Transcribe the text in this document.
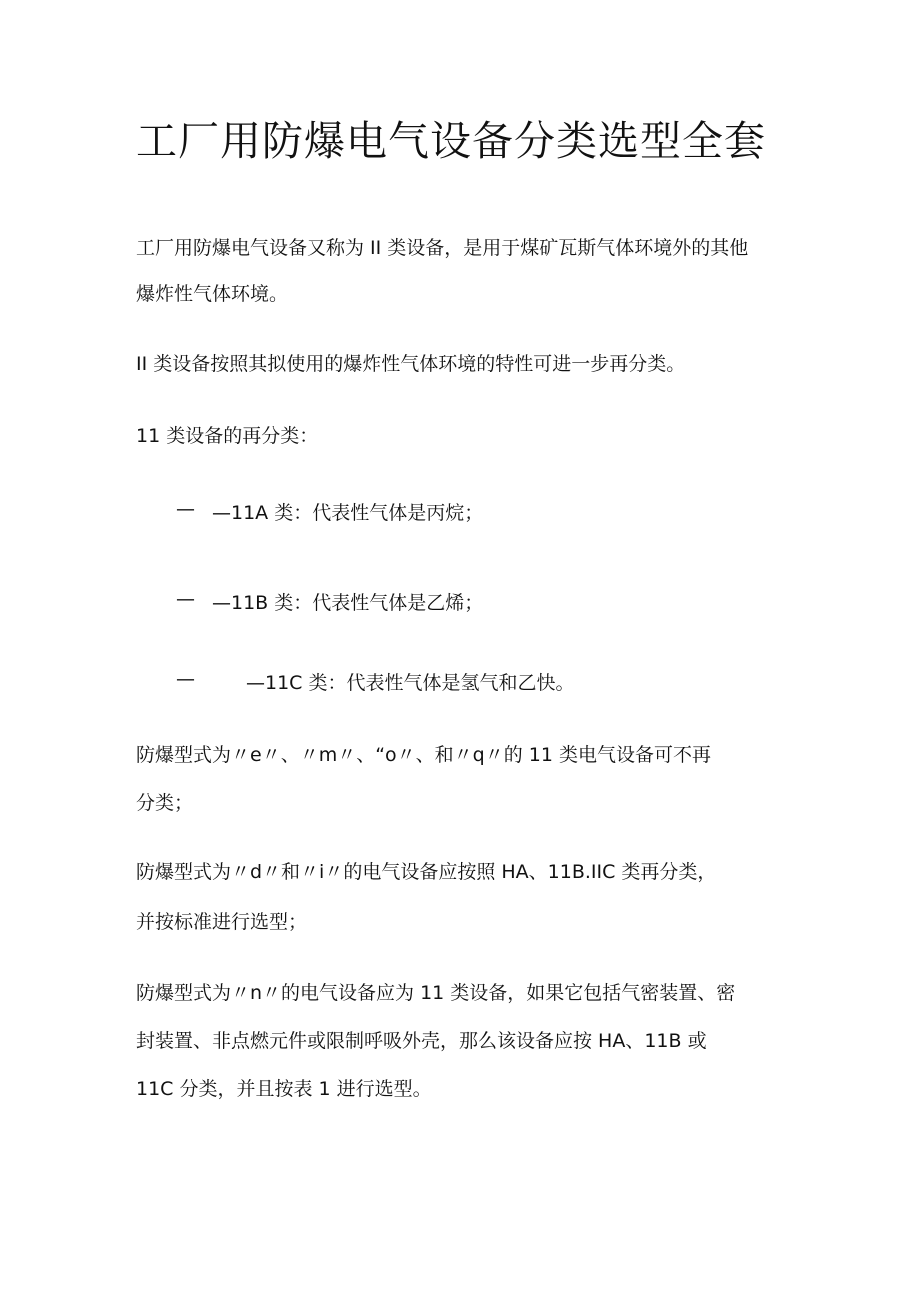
工厂用防爆电气设备分类选型全套
工厂用防爆电气设备又称为 II 类设备，是用于煤矿瓦斯气体环境外的其他
爆炸性气体环境。
II 类设备按照其拟使用的爆炸性气体环境的特性可进一步再分类。
11 类设备的再分类：
— —11A 类：代表性气体是丙烷；
— —11B 类：代表性气体是乙烯；
—	—11C 类：代表性气体是氢气和乙快。
防爆型式为〃e〃、〃m〃、“o〃、和〃q〃的 11 类电气设备可不再
分类；
防爆型式为〃d〃和〃i〃的电气设备应按照 HA、11B.IIC 类再分类，
并按标准进行选型；
防爆型式为〃n〃的电气设备应为 11 类设备，如果它包括气密装置、密
封装置、非点燃元件或限制呼吸外壳，那么该设备应按 HA、11B 或
11C 分类，并且按表 1 进行选型。
